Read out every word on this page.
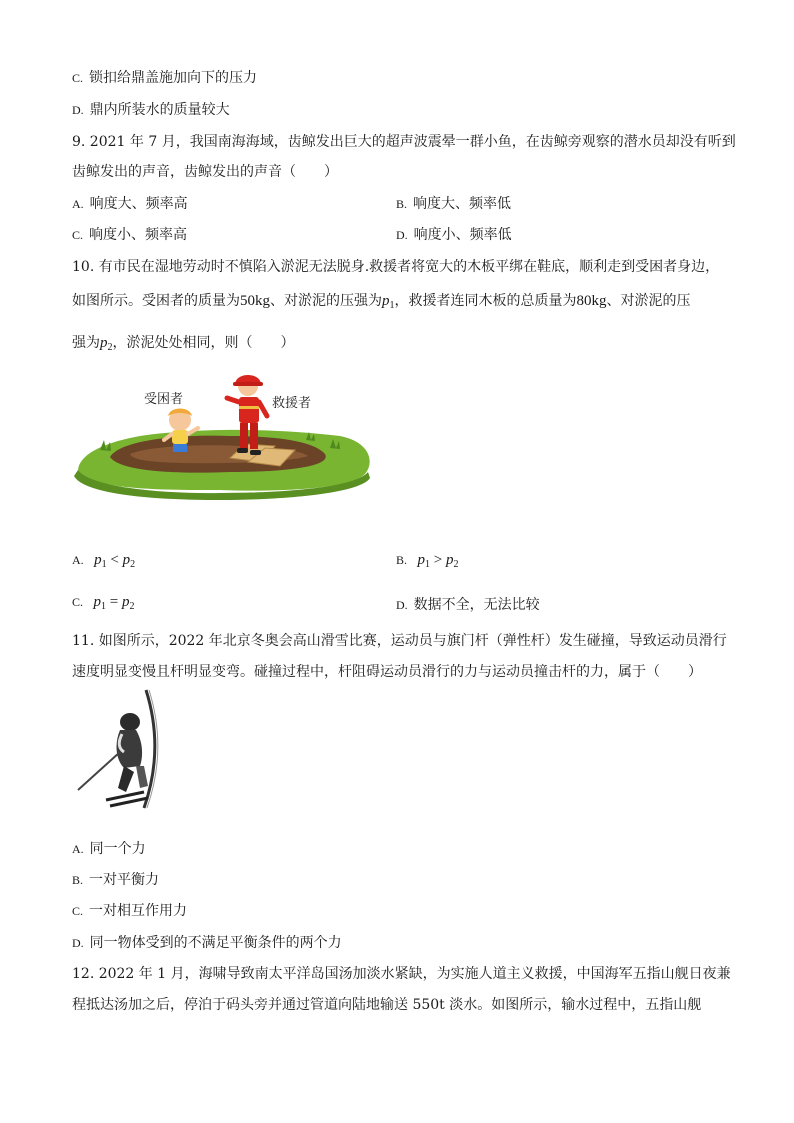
C. 锁扣给鼎盖施加向下的压力
D. 鼎内所装水的质量较大
9. 2021 年 7 月，我国南海海域，齿鲸发出巨大的超声波震晕一群小鱼，在齿鲸旁观察的潜水员却没有听到
齿鲸发出的声音，齿鲸发出的声音（　　）
A. 响度大、频率高	B. 响度大、频率低
C. 响度小、频率高	D. 响度小、频率低
10. 有市民在湿地劳动时不慎陷入淤泥无法脱身.救援者将宽大的木板平绑在鞋底，顺利走到受困者身边，
如图所示。受困者的质量为50kg、对淤泥的压强为$p_1$，救援者连同木板的总质量为80kg、对淤泥的压
强为$p_2$，淤泥处处相同，则（　　）
受困者	救援者
A. $p_1 < p_2$	B. $p_1 > p_2$
C. $p_1 = p_2$	D. 数据不全，无法比较
11. 如图所示，2022 年北京冬奥会高山滑雪比赛，运动员与旗门杆（弹性杆）发生碰撞，导致运动员滑行
速度明显变慢且杆明显变弯。碰撞过程中，杆阻碍运动员滑行的力与运动员撞击杆的力，属于（　　）
A. 同一个力
B. 一对平衡力
C. 一对相互作用力
D. 同一物体受到的不满足平衡条件的两个力
12. 2022 年 1 月，海啸导致南太平洋岛国汤加淡水紧缺，为实施人道主义救援，中国海军五指山舰日夜兼
程抵达汤加之后，停泊于码头旁并通过管道向陆地输送 550t 淡水。如图所示，输水过程中，五指山舰
